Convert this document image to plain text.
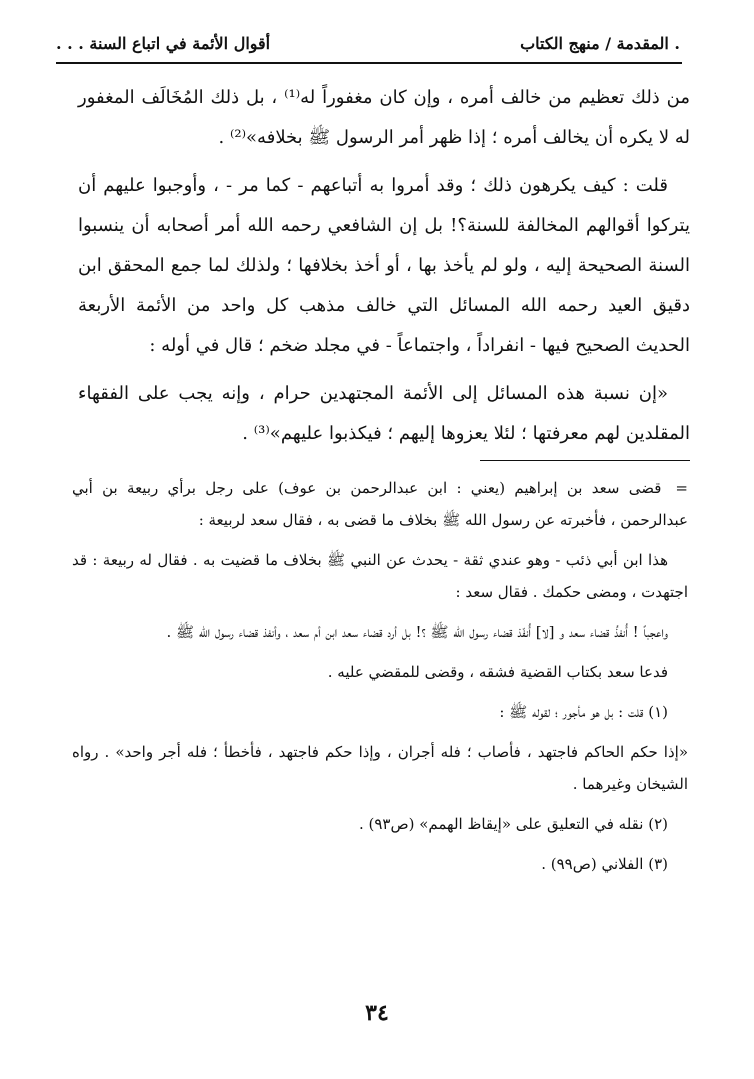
. المقدمة / منهج الكتاب
أقوال الأئمة في اتباع السنة . . .

من ذلك تعظيم من خالف أمره ، وإن كان مغفوراً له⁽¹⁾ ، بل ذلك المُخَالَف المغفور له لا يكره أن يخالف أمره ؛ إذا ظهر أمر الرسول ﷺ بخلافه»⁽²⁾ .

قلت : كيف يكرهون ذلك ؛ وقد أمروا به أتباعهم - كما مر - ، وأوجبوا عليهم أن يتركوا أقوالهم المخالفة للسنة؟! بل إن الشافعي رحمه الله أمر أصحابه أن ينسبوا السنة الصحيحة إليه ، ولو لم يأخذ بها ، أو أخذ بخلافها ؛ ولذلك لما جمع المحقق ابن دقيق العيد رحمه الله المسائل التي خالف مذهب كل واحد من الأئمة الأربعة الحديث الصحيح فيها - انفراداً ، واجتماعاً - في مجلد ضخم ؛ قال في أوله :

«إن نسبة هذه المسائل إلى الأئمة المجتهدين حرام ، وإنه يجب على الفقهاء المقلدين لهم معرفتها ؛ لئلا يعزوها إليهم ؛ فيكذبوا عليهم»⁽³⁾ .

=قضى سعد بن إبراهيم (يعني : ابن عبدالرحمن بن عوف) على رجل برأي ربيعة بن أبي عبدالرحمن ، فأخبرته عن رسول الله ﷺ بخلاف ما قضى به ، فقال سعد لربيعة :

هذا ابن أبي ذئب - وهو عندي ثقة - يحدث عن النبي ﷺ بخلاف ما قضيت به . فقال له ربيعة : قد اجتهدت ، ومضى حكمك . فقال سعد :

واعجباً ! أُنفذُ قضاء سعد و [لا] أُنفّذ قضاء رسول الله ﷺ ؟! بل أرد قضاء سعد ابن أم سعد ، وأنفذ قضاء رسول الله ﷺ .

فدعا سعد بكتاب القضية فشقه ، وقضى للمقضي عليه .

(١) قلت : بل هو مأجور ؛ لقوله ﷺ :

«إذا حكم الحاكم فاجتهد ، فأصاب ؛ فله أجران ، وإذا حكم فاجتهد ، فأخطأ ؛ فله أجر واحد» . رواه الشيخان وغيرهما .

(٢) نقله في التعليق على «إيقاظ الهمم» (ص٩٣) .

(٣) الفلاني (ص٩٩) .

٣٤
